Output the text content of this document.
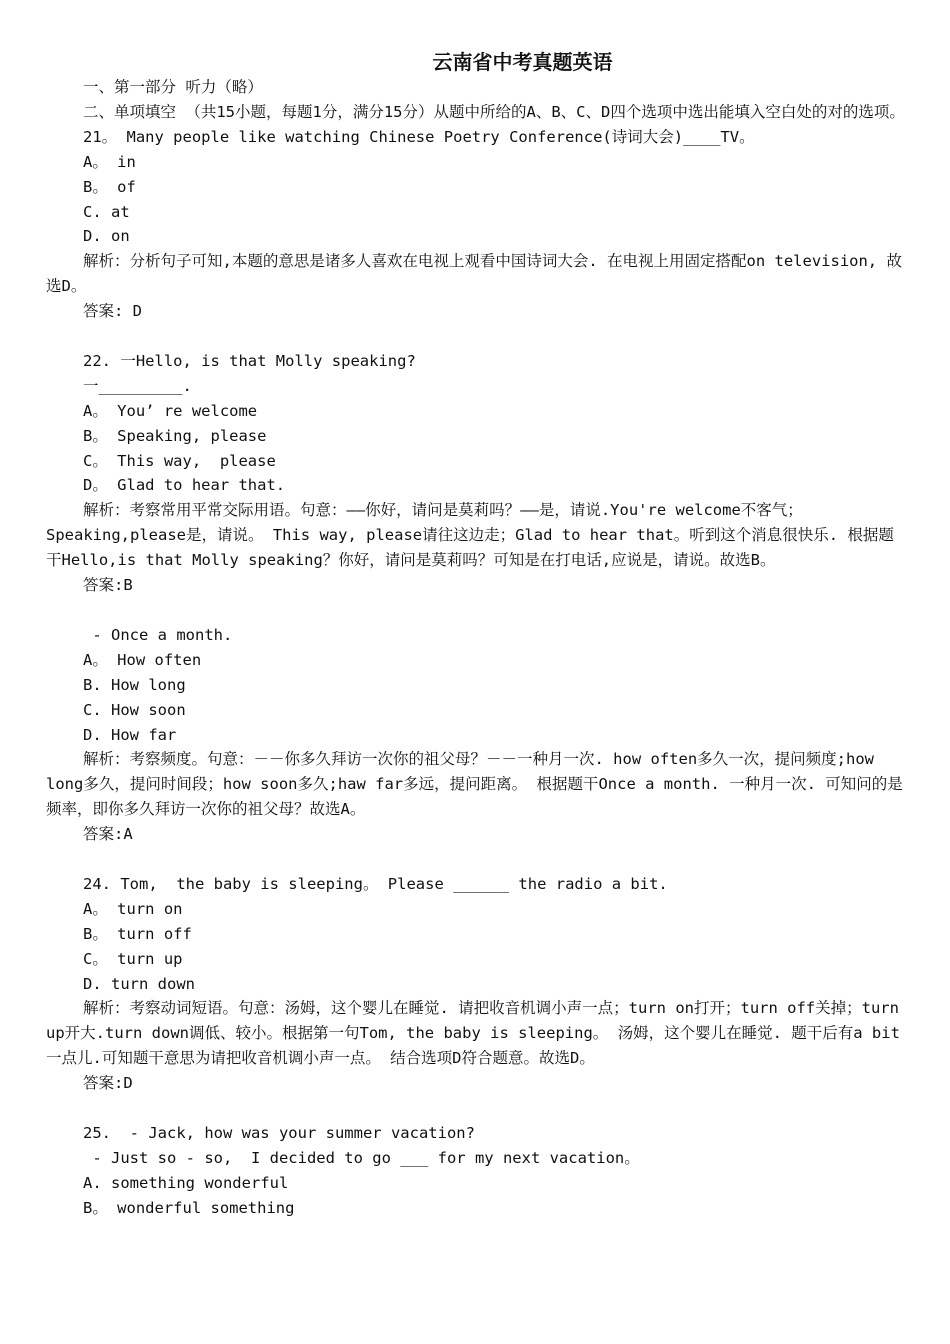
云南省中考真题英语

一、第一部分 听力（略）

二、单项填空 （共15小题，每题1分，满分15分）从题中所给的A、B、C、D四个选项中选出能填入空白处的对的选项。

21。 Many people like watching Chinese Poetry Conference(诗词大会)____TV。

A。 in

B。 of

C. at

D. on

解析：分析句子可知,本题的意思是诸多人喜欢在电视上观看中国诗词大会. 在电视上用固定搭配on television, 故选D。

答案: D

22. 一Hello, is that Molly speaking?

一_________.

A。 You’ re welcome

B。 Speaking, please

C。 This way,  please

D。 Glad to hear that.

解析：考察常用平常交际用语。句意：——你好，请问是莫莉吗？——是，请说.You're welcome不客气；Speaking,please是，请说。 This way, please请往这边走；Glad to hear that。听到这个消息很快乐. 根据题干Hello,is that Molly speaking？你好，请问是莫莉吗？可知是在打电话,应说是，请说。故选B。

答案:B

- Once a month.

A。 How often

B. How long

C. How soon

D. How far

解析：考察频度。句意：－－你多久拜访一次你的祖父母？－－一种月一次. how often多久一次，提问频度;how long多久，提问时间段；how soon多久;haw far多远，提问距离。 根据题干Once a month. 一种月一次. 可知问的是频率，即你多久拜访一次你的祖父母？故选A。

答案:A

24. Tom,  the baby is sleeping。 Please ______ the radio a bit.

A。 turn on

B。 turn off

C。 turn up

D. turn down

解析：考察动词短语。句意：汤姆，这个婴儿在睡觉. 请把收音机调小声一点；turn on打开；turn off关掉；turn up开大.turn down调低、较小。根据第一句Tom, the baby is sleeping。 汤姆，这个婴儿在睡觉. 题干后有a bit一点儿.可知题干意思为请把收音机调小声一点。 结合选项D符合题意。故选D。

答案:D

25.  - Jack, how was your summer vacation?

- Just so - so,  I decided to go ___ for my next vacation。

A. something wonderful

B。 wonderful something
